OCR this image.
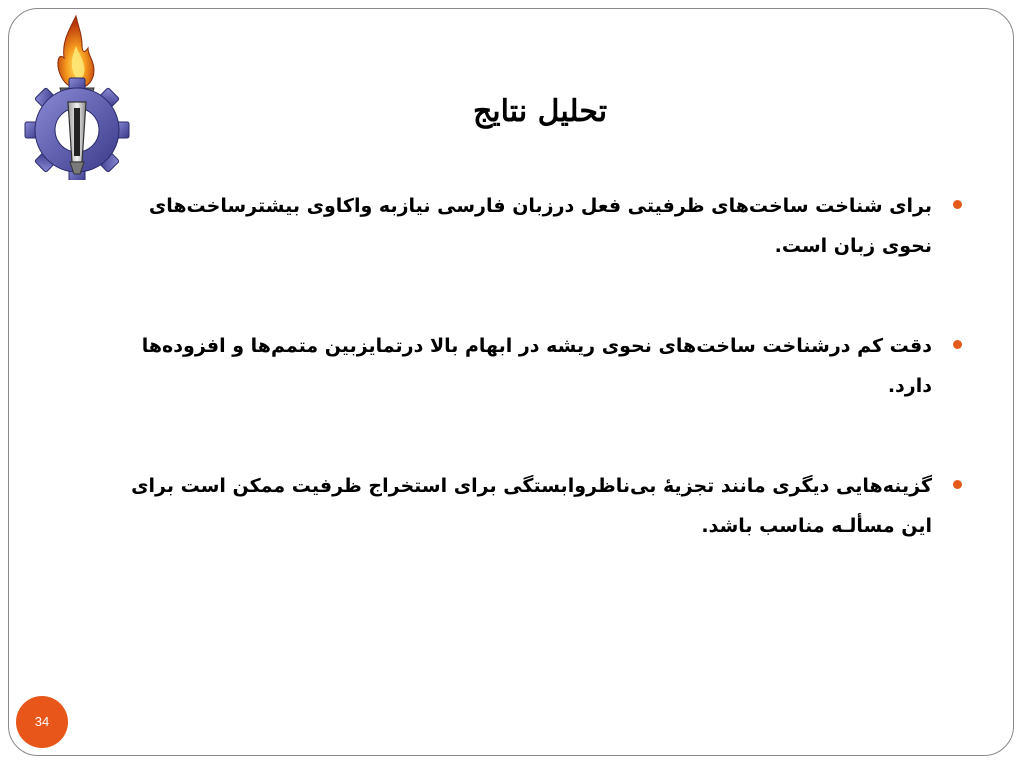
تحلیل نتایج
برای شناخت ساخت‌های ظرفیتی فعل درزبان فارسی نیازبه واکاوی بیشترساخت‌های نحوی زبان است.
دقت کم درشناخت ساخت‌های نحوی ریشه در ابهام بالا درتمایزبین متمم‌ها و افزوده‌ها دارد.
گزینه‌هایی دیگری مانند تجزیۀ بی‌ناظروابستگی برای استخراج ظرفیت ممکن است برای این مسألـه مناسب باشد.
34
